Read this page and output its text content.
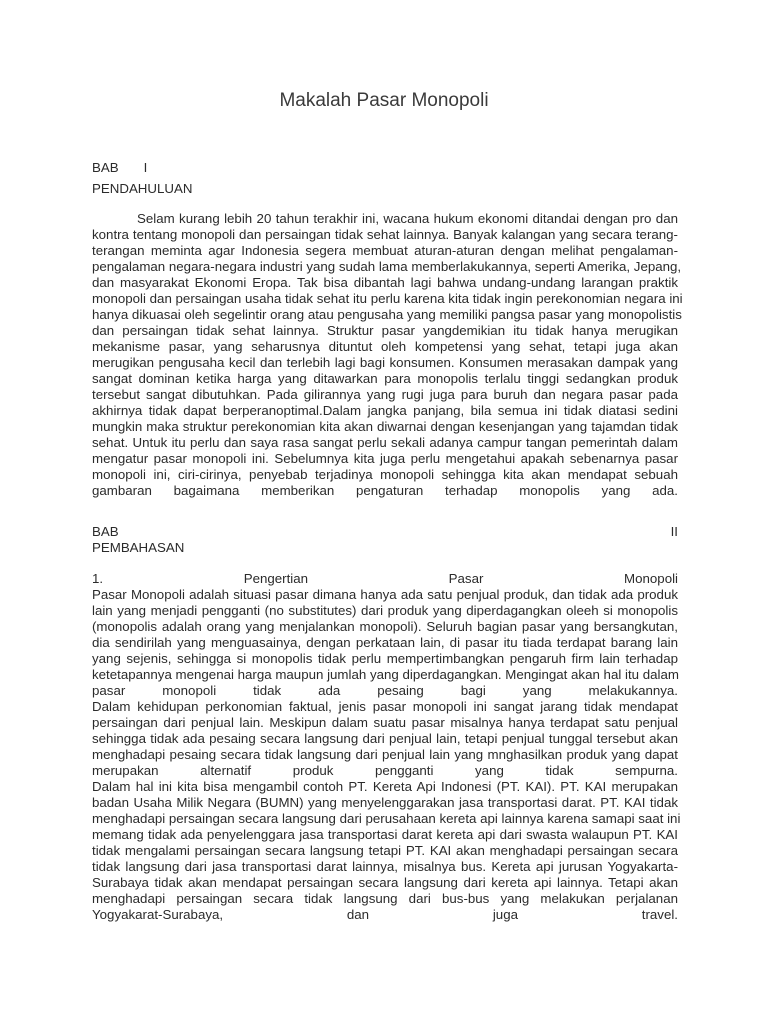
Makalah Pasar Monopoli
BAB I
PENDAHULUAN
Selam kurang lebih 20 tahun terakhir ini, wacana hukum ekonomi ditandai dengan pro dan
kontra tentang monopoli dan persaingan tidak sehat lainnya. Banyak kalangan yang secara terang-
terangan meminta agar Indonesia segera membuat aturan-aturan dengan melihat pengalaman-
pengalaman negara-negara industri yang sudah lama memberlakukannya, seperti Amerika, Jepang,
dan masyarakat Ekonomi Eropa. Tak bisa dibantah lagi bahwa undang-undang larangan praktik
monopoli dan persaingan usaha tidak sehat itu perlu karena kita tidak ingin perekonomian negara ini
hanya dikuasai oleh segelintir orang atau pengusaha yang memiliki pangsa pasar yang monopolistis
dan persaingan tidak sehat lainnya. Struktur pasar yangdemikian itu tidak hanya merugikan
mekanisme pasar, yang seharusnya dituntut oleh kompetensi yang sehat, tetapi juga akan
merugikan pengusaha kecil dan terlebih lagi bagi konsumen. Konsumen merasakan dampak yang
sangat dominan ketika harga yang ditawarkan para monopolis terlalu tinggi sedangkan produk
tersebut sangat dibutuhkan. Pada gilirannya yang rugi juga para buruh dan negara pasar pada
akhirnya tidak dapat berperanoptimal.Dalam jangka panjang, bila semua ini tidak diatasi sedini
mungkin maka struktur perekonomian kita akan diwarnai dengan kesenjangan yang tajamdan tidak
sehat. Untuk itu perlu dan saya rasa sangat perlu sekali adanya campur tangan pemerintah dalam
mengatur pasar monopoli ini. Sebelumnya kita juga perlu mengetahui apakah sebenarnya pasar
monopoli ini, ciri-cirinya, penyebab terjadinya monopoli sehingga kita akan mendapat sebuah
gambaran bagaimana memberikan pengaturan terhadap monopolis yang ada.
BAB	II
PEMBAHASAN
1. Pengertian Pasar Monopoli
Pasar Monopoli adalah situasi pasar dimana hanya ada satu penjual produk, dan tidak ada produk
lain yang menjadi pengganti (no substitutes) dari produk yang diperdagangkan oleeh si monopolis
(monopolis adalah orang yang menjalankan monopoli). Seluruh bagian pasar yang bersangkutan,
dia sendirilah yang menguasainya, dengan perkataan lain, di pasar itu tiada terdapat barang lain
yang sejenis, sehingga si monopolis tidak perlu mempertimbangkan pengaruh firm lain terhadap
ketetapannya mengenai harga maupun jumlah yang diperdagangkan. Mengingat akan hal itu dalam
pasar monopoli tidak ada pesaing bagi yang melakukannya.
Dalam kehidupan perkonomian faktual, jenis pasar monopoli ini sangat jarang tidak mendapat
persaingan dari penjual lain. Meskipun dalam suatu pasar misalnya hanya terdapat satu penjual
sehingga tidak ada pesaing secara langsung dari penjual lain, tetapi penjual tunggal tersebut akan
menghadapi pesaing secara tidak langsung dari penjual lain yang mnghasilkan produk yang dapat
merupakan alternatif produk pengganti yang tidak sempurna.
Dalam hal ini kita bisa mengambil contoh PT. Kereta Api Indonesi (PT. KAI). PT. KAI merupakan
badan Usaha Milik Negara (BUMN) yang menyelenggarakan jasa transportasi darat. PT. KAI tidak
menghadapi persaingan secara langsung dari perusahaan kereta api lainnya karena samapi saat ini
memang tidak ada penyelenggara jasa transportasi darat kereta api dari swasta walaupun PT. KAI
tidak mengalami persaingan secara langsung tetapi PT. KAI akan menghadapi persaingan secara
tidak langsung dari jasa transportasi darat lainnya, misalnya bus. Kereta api jurusan Yogyakarta-
Surabaya tidak akan mendapat persaingan secara langsung dari kereta api lainnya. Tetapi akan
menghadapi persaingan secara tidak langsung dari bus-bus yang melakukan perjalanan
Yogyakarat-Surabaya, dan juga travel.
